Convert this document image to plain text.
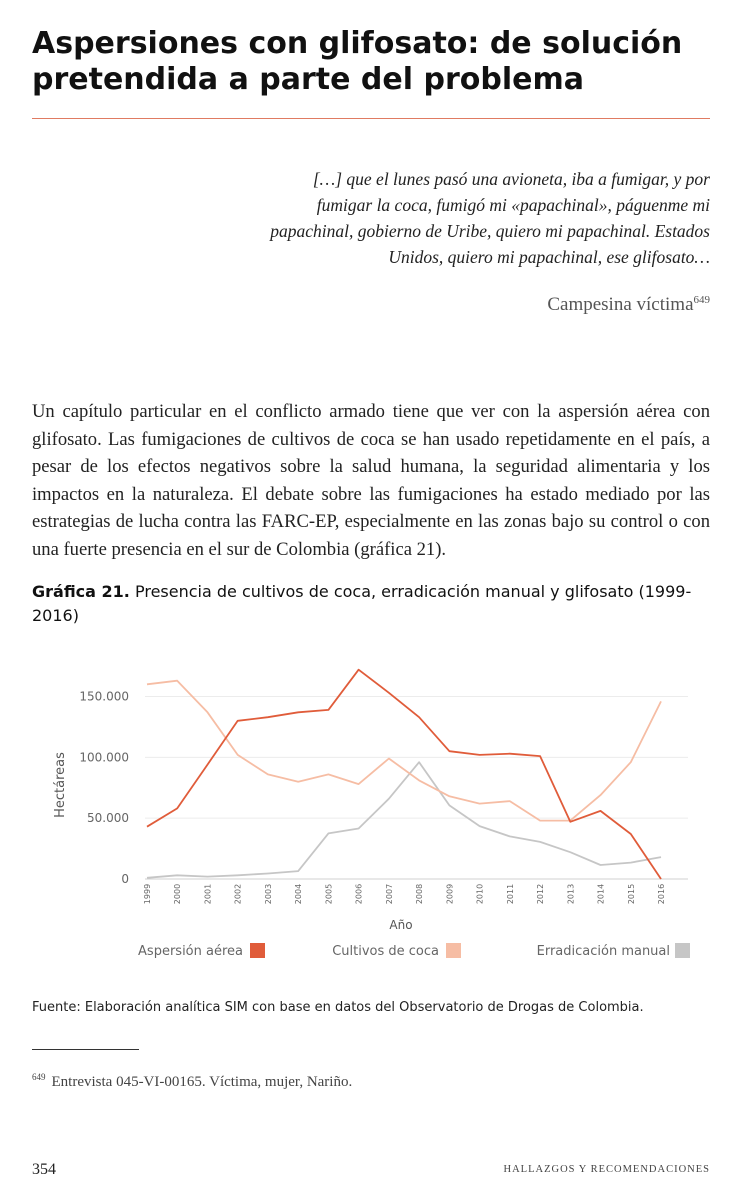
Aspersiones con glifosato: de solución pretendida a parte del problema

[…] que el lunes pasó una avioneta, iba a fumigar, y por fumigar la coca, fumigó mi «papachinal», páguenme mi papachinal, gobierno de Uribe, quiero mi papachinal. Estados Unidos, quiero mi papachinal, ese glifosato…

Campesina víctima$^{649}$

Un capítulo particular en el conflicto armado tiene que ver con la aspersión aérea con glifosato. Las fumigaciones de cultivos de coca se han usado repetidamente en el país, a pesar de los efectos negativos sobre la salud humana, la seguridad alimentaria y los impactos en la naturaleza. El debate sobre las fumigaciones ha estado mediado por las estrategias de lucha contra las FARC-EP, especialmente en las zonas bajo su control o con una fuerte presencia en el sur de Colombia (gráfica 21).

Gráfica 21. Presencia de cultivos de coca, erradicación manual y glifosato (1999-2016)
0
50.000
100.000
150.000
1999	2000	2001	2002	2003	2004	2005	2006	2007	2008	2009	2010	2011	2012	2013	2014	2015	2016
Año
Hectáreas
Aspersión aérea	Cultivos de coca	Erradicación manual
Fuente: Elaboración analítica SIM con base en datos del Observatorio de Drogas de Colombia.
$^{649}$ Entrevista 045-VI-00165. Víctima, mujer, Nariño.
354	HALLAZGOS Y RECOMENDACIONES
